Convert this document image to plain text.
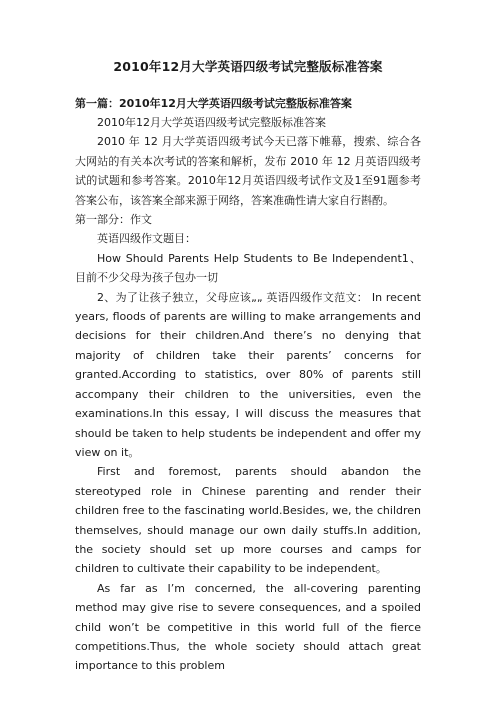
2010年12月大学英语四级考试完整版标准答案

第一篇：2010年12月大学英语四级考试完整版标准答案

2010年12月大学英语四级考试完整版标准答案

2010 年 12 月大学英语四级考试今天已落下帷幕，搜索、综合各大网站的有关本次考试的答案和解析，发布 2010 年 12 月英语四级考试的试题和参考答案。2010年12月英语四级考试作文及1至91题参考答案公布，该答案全部来源于网络，答案准确性请大家自行斟酌。

第一部分：作文

英语四级作文题目：

How Should Parents Help Students to Be Independent1、目前不少父母为孩子包办一切

2、为了让孩子独立，父母应该„„ 英语四级作文范文： In recent years, floods of parents are willing to make arrangements and decisions for their children.And there’s no denying that majority of children take their parents’ concerns for granted.According to statistics, over 80% of parents still accompany their children to the universities, even the examinations.In this essay, I will discuss the measures that should be taken to help students be independent and offer my view on it。

First and foremost, parents should abandon the stereotyped role in Chinese parenting and render their children free to the fascinating world.Besides, we, the children themselves, should manage our own daily stuffs.In addition, the society should set up more courses and camps for children to cultivate their capability to be independent。

As far as I’m concerned, the all-covering parenting method may give rise to severe consequences, and a spoiled child won’t be competitive in this world full of the fierce competitions.Thus, the whole society should attach great importance to this problem
